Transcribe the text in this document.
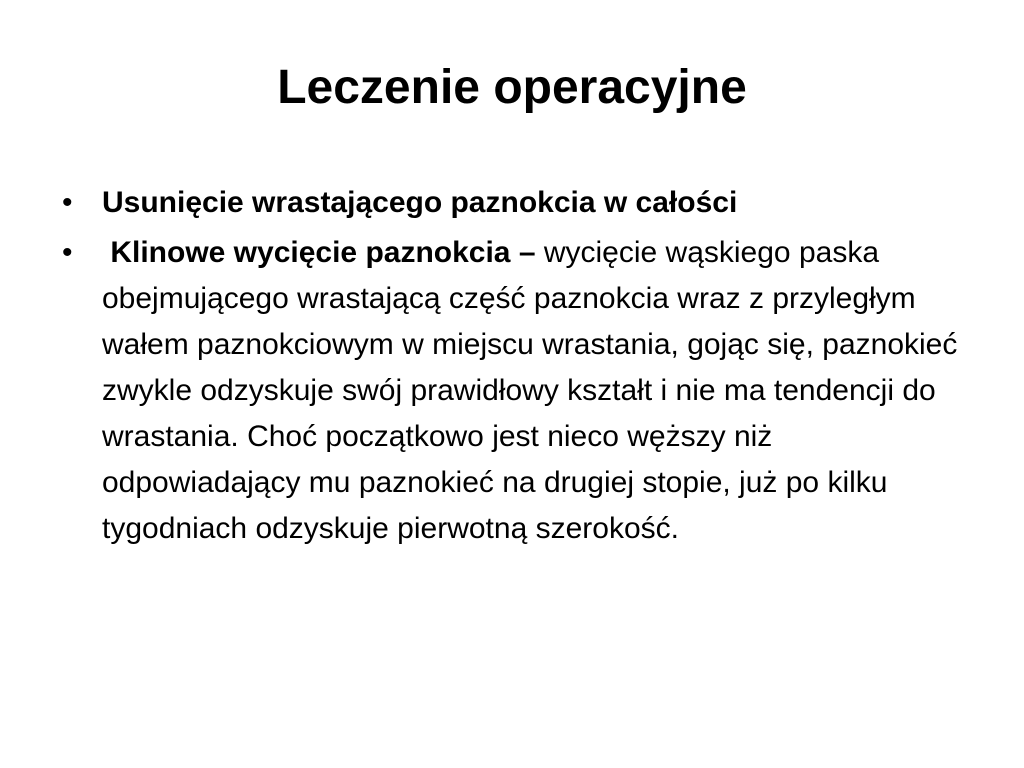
Leczenie operacyjne
• Usunięcie wrastającego paznokcia w całości
• Klinowe wycięcie paznokcia – wycięcie wąskiego paska obejmującego wrastającą część paznokcia wraz z przyległym wałem paznokciowym w miejscu wrastania, gojąc się, paznokieć zwykle odzyskuje swój prawidłowy kształt i nie ma tendencji do wrastania. Choć początkowo jest nieco węższy niż odpowiadający mu paznokieć na drugiej stopie, już po kilku tygodniach odzyskuje pierwotną szerokość.
